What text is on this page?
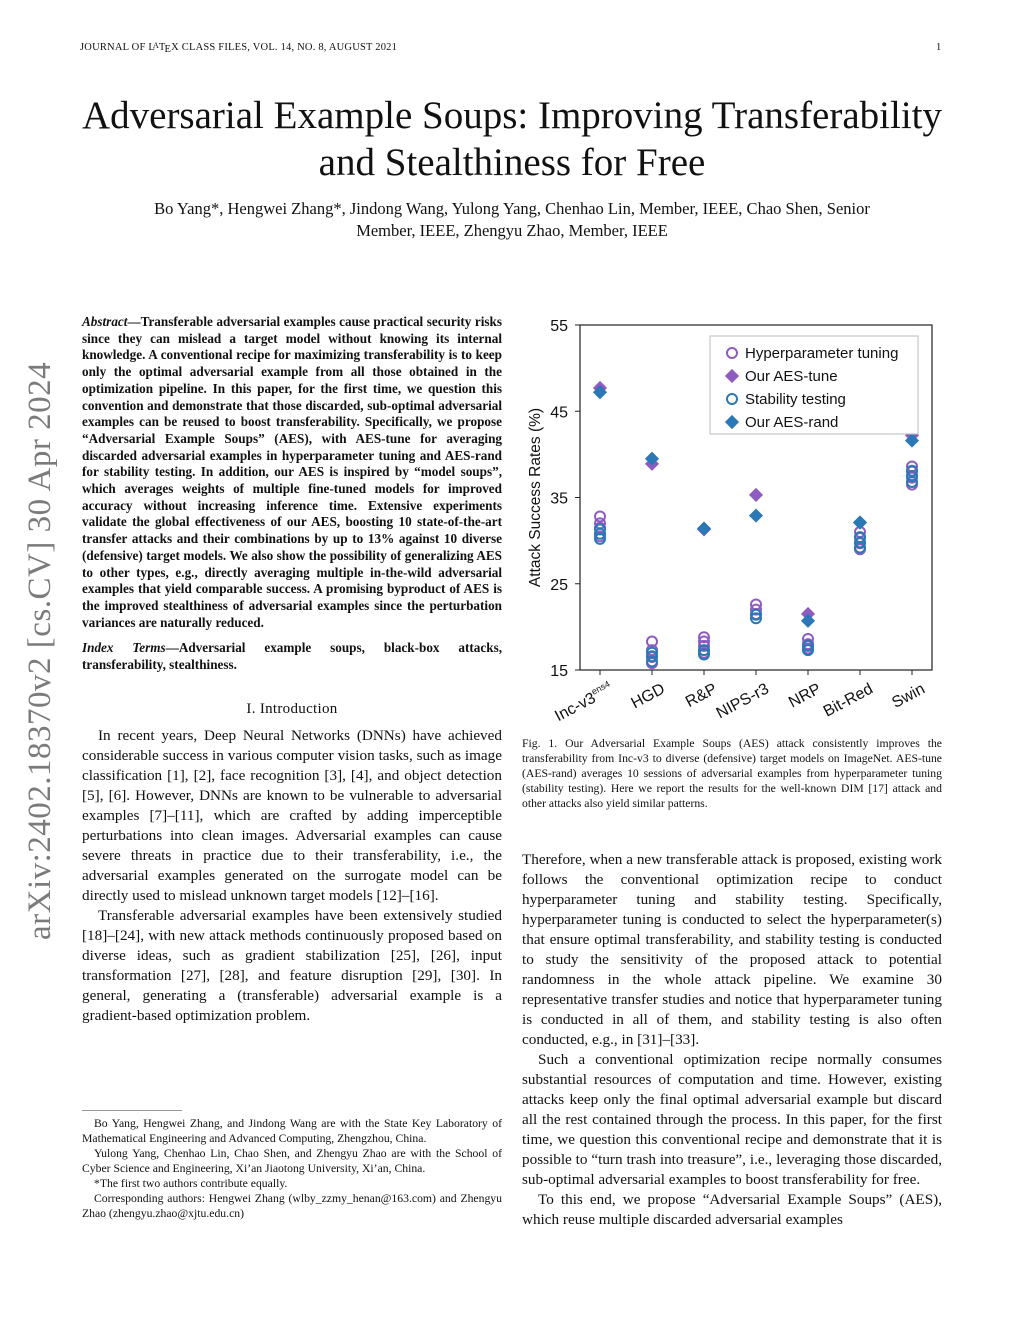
JOURNAL OF LATEX CLASS FILES, VOL. 14, NO. 8, AUGUST 2021	1
Adversarial Example Soups: Improving Transferability and Stealthiness for Free
Bo Yang*, Hengwei Zhang*, Jindong Wang, Yulong Yang, Chenhao Lin, Member, IEEE, Chao Shen, Senior
Member, IEEE, Zhengyu Zhao, Member, IEEE
arXiv:2402.18370v2 [cs.CV] 30 Apr 2024
Abstract—Transferable adversarial examples cause practical security risks since they can mislead a target model without knowing its internal knowledge. A conventional recipe for maximizing transferability is to keep only the optimal adversarial example from all those obtained in the optimization pipeline. In this paper, for the first time, we question this convention and demonstrate that those discarded, sub-optimal adversarial examples can be reused to boost transferability. Specifically, we propose “Adversarial Example Soups” (AES), with AES-tune for averaging discarded adversarial examples in hyperparameter tuning and AES-rand for stability testing. In addition, our AES is inspired by “model soups”, which averages weights of multiple fine-tuned models for improved accuracy without increasing inference time. Extensive experiments validate the global effectiveness of our AES, boosting 10 state-of-the-art transfer attacks and their combinations by up to 13% against 10 diverse (defensive) target models. We also show the possibility of generalizing AES to other types, e.g., directly averaging multiple in-the-wild adversarial examples that yield comparable success. A promising byproduct of AES is the improved stealthiness of adversarial examples since the perturbation variances are naturally reduced.
Index Terms—Adversarial example soups, black-box attacks, transferability, stealthiness.
I. Introduction

In recent years, Deep Neural Networks (DNNs) have achieved considerable success in various computer vision tasks, such as image classification [1], [2], face recognition [3], [4], and object detection [5], [6]. However, DNNs are known to be vulnerable to adversarial examples [7]–[11], which are crafted by adding imperceptible perturbations into clean images. Adversarial examples can cause severe threats in practice due to their transferability, i.e., the adversarial examples generated on the surrogate model can be directly used to mislead unknown target models [12]–[16].

Transferable adversarial examples have been extensively studied [18]–[24], with new attack methods continuously proposed based on diverse ideas, such as gradient stabilization [25], [26], input transformation [27], [28], and feature disruption [29], [30]. In general, generating a (transferable) adversarial example is a gradient-based optimization problem.

Bo Yang, Hengwei Zhang, and Jindong Wang are with the State Key Laboratory of Mathematical Engineering and Advanced Computing, Zhengzhou, China.

Yulong Yang, Chenhao Lin, Chao Shen, and Zhengyu Zhao are with the School of Cyber Science and Engineering, Xi’an Jiaotong University, Xi’an, China.

*The first two authors contribute equally.

Corresponding authors: Hengwei Zhang (wlby_zzmy_henan@163.com) and Zhengyu Zhao (zhengyu.zhao@xjtu.edu.cn)

15
25
35
45
55
Attack Success Rates (%)
Hyperparameter tuning
Our AES-tune
Stability testing
Our AES-rand
Inc-$v3^{ens4}$ HGD R&P
NIPS-r3 NRP
Bit-Red Swin
Fig. 1. Our Adversarial Example Soups (AES) attack consistently improves the transferability from Inc-v3 to diverse (defensive) target models on ImageNet. AES-tune (AES-rand) averages 10 sessions of adversarial examples from hyperparameter tuning (stability testing). Here we report the results for the well-known DIM [17] attack and other attacks also yield similar patterns.

Therefore, when a new transferable attack is proposed, existing work follows the conventional optimization recipe to conduct hyperparameter tuning and stability testing. Specifically, hyperparameter tuning is conducted to select the hyperparameter(s) that ensure optimal transferability, and stability testing is conducted to study the sensitivity of the proposed attack to potential randomness in the whole attack pipeline. We examine 30 representative transfer studies and notice that hyperparameter tuning is conducted in all of them, and stability testing is also often conducted, e.g., in [31]–[33].

Such a conventional optimization recipe normally consumes substantial resources of computation and time. However, existing attacks keep only the final optimal adversarial example but discard all the rest contained through the process. In this paper, for the first time, we question this conventional recipe and demonstrate that it is possible to “turn trash into treasure”, i.e., leveraging those discarded, sub-optimal adversarial examples to boost transferability for free.

To this end, we propose “Adversarial Example Soups” (AES), which reuse multiple discarded adversarial examples
